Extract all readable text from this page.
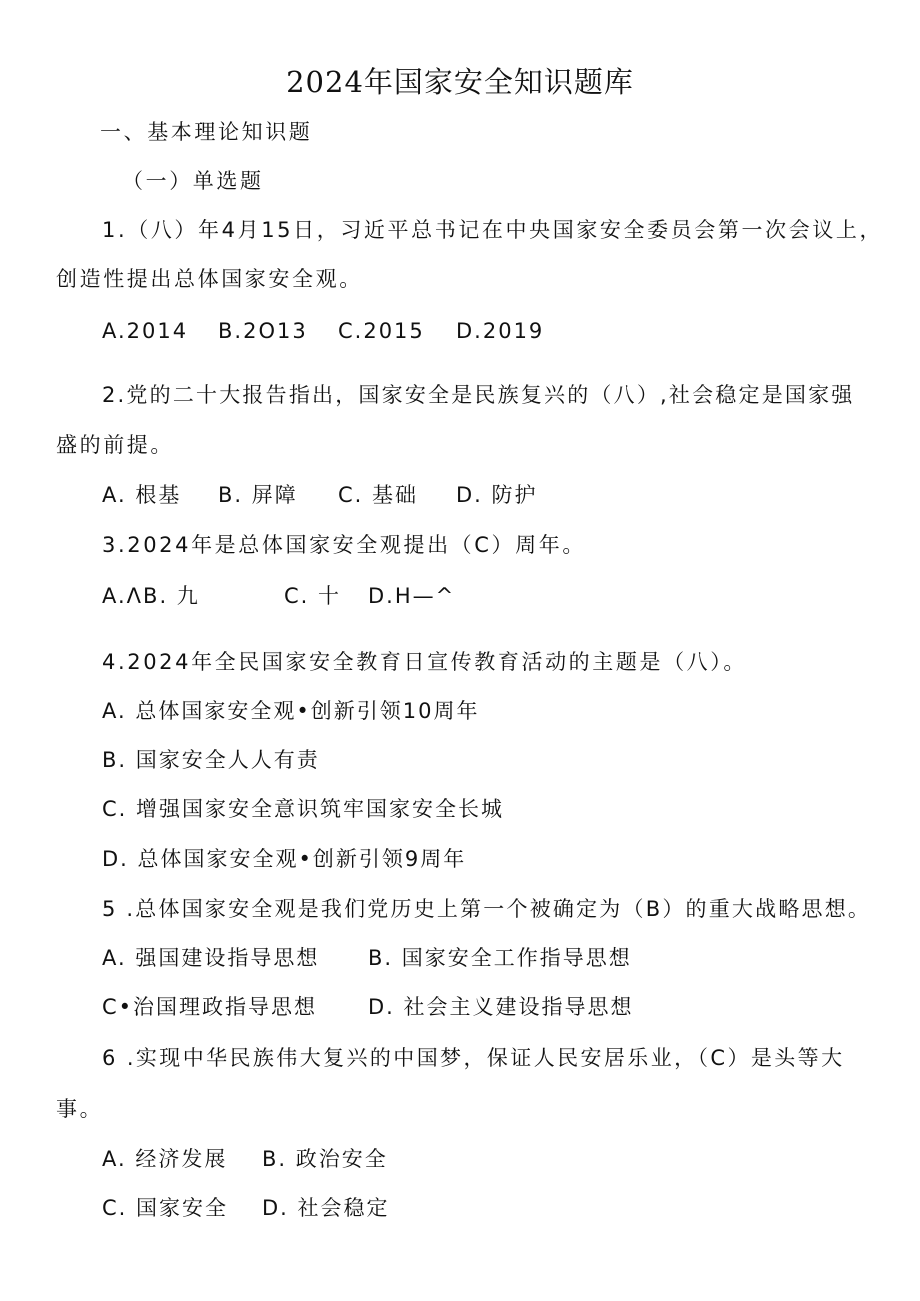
2024年国家安全知识题库
一、基本理论知识题
（一）单选题
1.（八）年4月15日，习近平总书记在中央国家安全委员会第一次会议上，
创造性提出总体国家安全观。
A.2014 B.2O13 C.2015 D.2019
2.党的二十大报告指出，国家安全是民族复兴的（八）,社会稳定是国家强
盛的前提。
A. 根基 B. 屏障 C. 基础 D. 防护
3.2024年是总体国家安全观提出（C）周年。
A.ΛB. 九	C. 十 D.H—^
4.2024年全民国家安全教育日宣传教育活动的主题是（八）。
A. 总体国家安全观•创新引领10周年
B. 国家安全人人有责
C. 增强国家安全意识筑牢国家安全长城
D. 总体国家安全观•创新引领9周年
5 .总体国家安全观是我们党历史上第一个被确定为（B）的重大战略思想。
A. 强国建设指导思想 B. 国家安全工作指导思想
C•治国理政指导思想 D. 社会主义建设指导思想
6 .实现中华民族伟大复兴的中国梦，保证人民安居乐业，（C）是头等大
事。
A. 经济发展 B. 政治安全
C. 国家安全 D. 社会稳定
